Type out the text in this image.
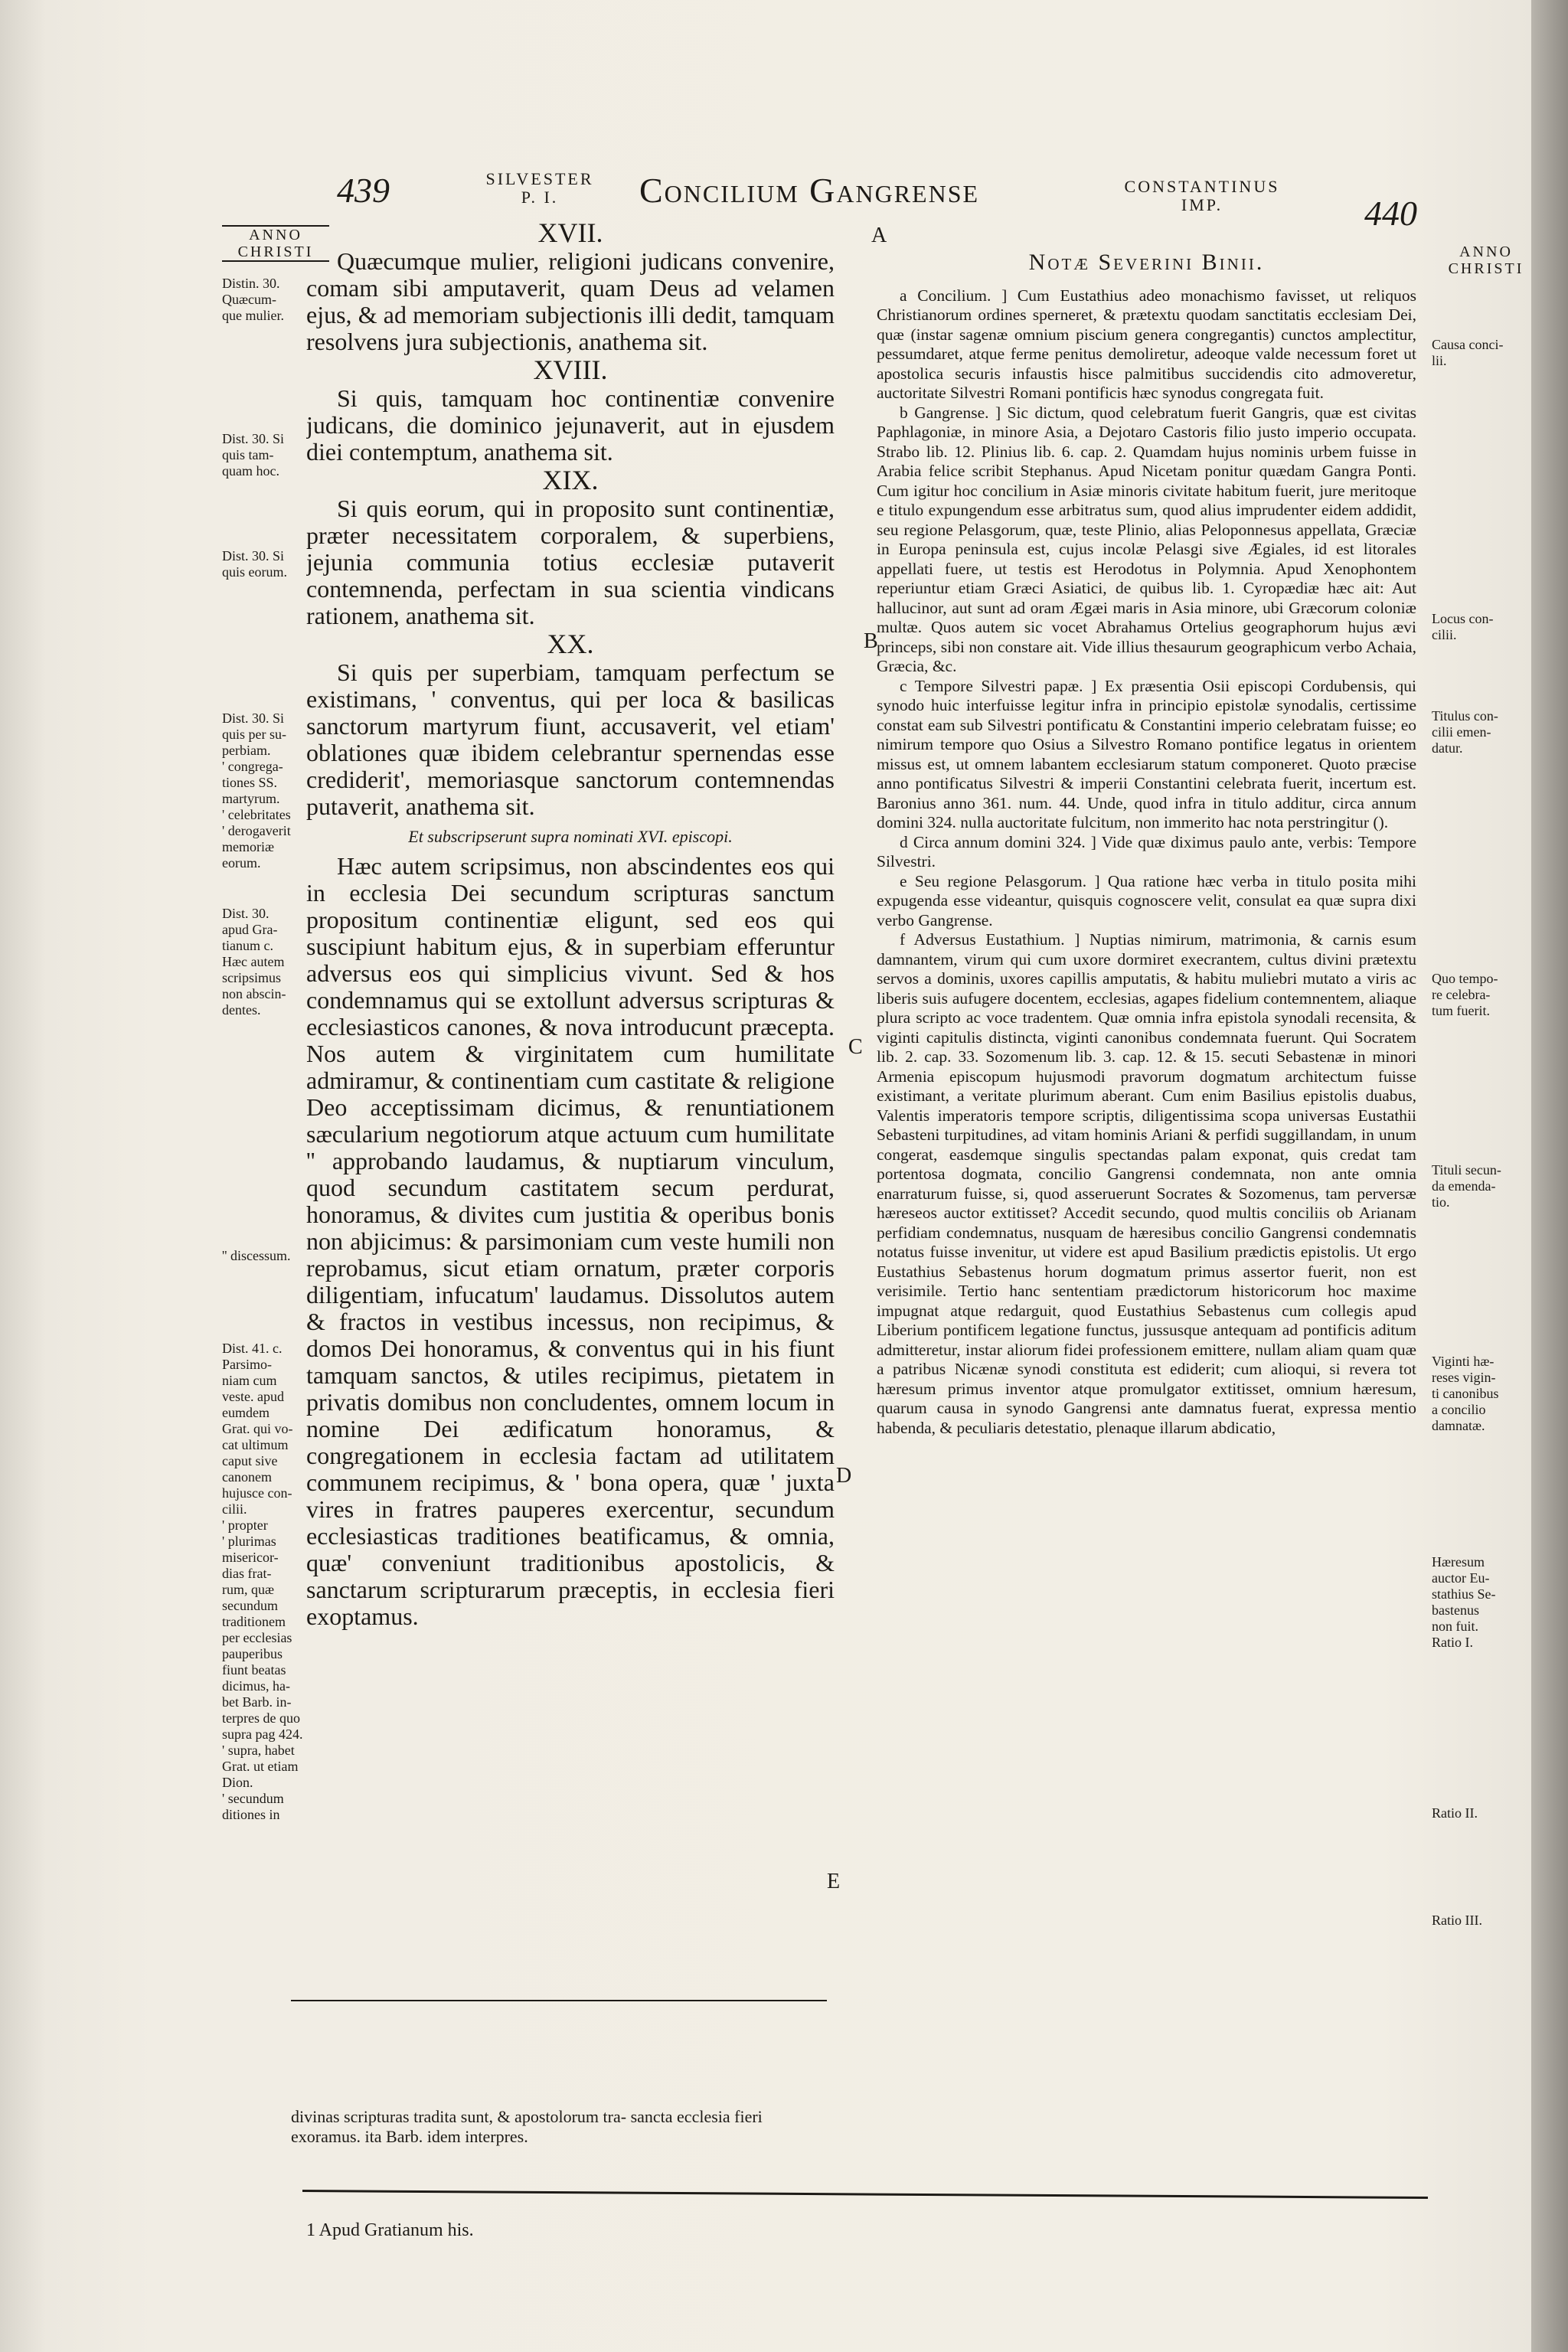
439	SILVESTER
P. I.	Concilium Gangrense	CONSTANTINUS
IMP.	440
ANNO
CHRISTI	ANNO
CHRISTI

Distin. 30.
Quæcum-
que mulier.

Dist. 30. Si
quis tam-
quam hoc.

Dist. 30. Si
quis eorum.

Dist. 30. Si
quis per su-
perbiam.
' congrega-
tiones SS.
martyrum.
' celebritates
' derogaverit
memoriæ
eorum.

Dist. 30.
apud Gra-
tianum c.
Hæc autem
scripsimus
non abscin-
dentes.

'' discessum.

Dist. 41. c.
Parsimo-
niam cum
veste. apud
eumdem
Grat. qui vo-
cat ultimum
caput sive
canonem
hujusce con-
cilii.
' propter
' plurimas
misericor-
dias frat-
rum, quæ
secundum
traditionem
per ecclesias
pauperibus
fiunt beatas
dicimus, ha-
bet Barb. in-
terpres de quo
supra pag 424.
' supra, habet
Grat. ut etiam
Dion.
' secundum
ditiones in

XVII.

Quæcumque mulier, religioni judicans convenire, comam sibi amputaverit, quam Deus ad velamen ejus, & ad memoriam subjectionis illi dedit, tamquam resolvens jura subjectionis, anathema sit.

XVIII.

Si quis, tamquam hoc continentiæ convenire judicans, die dominico jejunaverit, aut in ejusdem diei contemptum, anathema sit.

XIX.

Si quis eorum, qui in proposito sunt continentiæ, præter necessitatem corporalem, & superbiens, jejunia communia totius ecclesiæ putaverit contemnenda, perfectam in sua scientia vindicans rationem, anathema sit.

XX.

Si quis per superbiam, tamquam perfectum se existimans, ' conventus, qui per loca & basilicas sanctorum martyrum fiunt, accusaverit, vel etiam' oblationes quæ ibidem celebrantur spernendas esse crediderit', memoriasque sanctorum contemnendas putaverit, anathema sit.

Et subscripserunt supra nominati XVI. episcopi.

Hæc autem scripsimus, non abscindentes eos qui in ecclesia Dei secundum scripturas sanctum propositum continentiæ eligunt, sed eos qui suscipiunt habitum ejus, & in superbiam efferuntur adversus eos qui simplicius vivunt. Sed & hos condemnamus qui se extollunt adversus scripturas & ecclesiasticos canones, & nova introducunt præcepta. Nos autem & virginitatem cum humilitate admiramur, & continentiam cum castitate & religione Deo acceptissimam dicimus, & renuntiationem sæcularium negotiorum atque actuum cum humilitate '' approbando laudamus, & nuptiarum vinculum, quod secundum castitatem secum perdurat, honoramus, & divites cum justitia & operibus bonis non abjicimus: & parsimoniam cum veste humili non reprobamus, sicut etiam ornatum, præter corporis diligentiam, infucatum' laudamus. Dissolutos autem & fractos in vestibus incessus, non recipimus, & domos Dei honoramus, & conventus qui in his fiunt tamquam sanctos, & utiles recipimus, pietatem in privatis domibus non concludentes, omnem locum in nomine Dei ædificatum honoramus, & congregationem in ecclesia factam ad utilitatem communem recipimus, & ' bona opera, quæ ' juxta vires in fratres pauperes exercentur, secundum ecclesiasticas traditiones beatificamus, & omnia, quæ' conveniunt traditionibus apostolicis, & sanctarum scripturarum præceptis, in ecclesia fieri exoptamus.

divinas scripturas tradita sunt, & apostolorum tra- sancta ecclesia fieri exoramus. ita Barb. idem interpres.
A
B
C
D
E
Notæ Severini Binii.

a Concilium. ] Cum Eustathius adeo monachismo favisset, ut reliquos Christianorum ordines sperneret, & prætextu quodam sanctitatis ecclesiam Dei, quæ (instar sagenæ omnium piscium genera congregantis) cunctos amplectitur, pessumdaret, atque ferme penitus demoliretur, adeoque valde necessum foret ut apostolica securis infaustis hisce palmitibus succidendis cito admoveretur, auctoritate Silvestri Romani pontificis hæc synodus congregata fuit.

b Gangrense. ] Sic dictum, quod celebratum fuerit Gangris, quæ est civitas Paphlagoniæ, in minore Asia, a Dejotaro Castoris filio justo imperio occupata. Strabo lib. 12. Plinius lib. 6. cap. 2. Quamdam hujus nominis urbem fuisse in Arabia felice scribit Stephanus. Apud Nicetam ponitur quædam Gangra Ponti. Cum igitur hoc concilium in Asiæ minoris civitate habitum fuerit, jure meritoque e titulo expungendum esse arbitratus sum, quod alius imprudenter eidem addidit, seu regione Pelasgorum, quæ, teste Plinio, alias Peloponnesus appellata, Græciæ in Europa peninsula est, cujus incolæ Pelasgi sive Ægiales, id est litorales appellati fuere, ut testis est Herodotus in Polymnia. Apud Xenophontem reperiuntur etiam Græci Asiatici, de quibus lib. 1. Cyropædiæ hæc ait: Aut hallucinor, aut sunt ad oram Ægæi maris in Asia minore, ubi Græcorum coloniæ multæ. Quos autem sic vocet Abrahamus Ortelius geographorum hujus ævi princeps, sibi non constare ait. Vide illius thesaurum geographicum verbo Achaia, Græcia, &c.

c Tempore Silvestri papæ. ] Ex præsentia Osii episcopi Cordubensis, qui synodo huic interfuisse legitur infra in principio epistolæ synodalis, certissime constat eam sub Silvestri pontificatu & Constantini imperio celebratam fuisse; eo nimirum tempore quo Osius a Silvestro Romano pontifice legatus in orientem missus est, ut omnem labantem ecclesiarum statum componeret. Quoto præcise anno pontificatus Silvestri & imperii Constantini celebrata fuerit, incertum est. Baronius anno 361. num. 44. Unde, quod infra in titulo additur, circa annum domini 324. nulla auctoritate fulcitum, non immerito hac nota perstringitur ().

d Circa annum domini 324. ] Vide quæ diximus paulo ante, verbis: Tempore Silvestri.

e Seu regione Pelasgorum. ] Qua ratione hæc verba in titulo posita mihi expugenda esse videantur, quisquis cognoscere velit, consulat ea quæ supra dixi verbo Gangrense.

f Adversus Eustathium. ] Nuptias nimirum, matrimonia, & carnis esum damnantem, virum qui cum uxore dormiret execrantem, cultus divini prætextu servos a dominis, uxores capillis amputatis, & habitu muliebri mutato a viris ac liberis suis aufugere docentem, ecclesias, agapes fidelium contemnentem, aliaque plura scripto ac voce tradentem. Quæ omnia infra epistola synodali recensita, & viginti capitulis distincta, viginti canonibus condemnata fuerunt. Qui Socratem lib. 2. cap. 33. Sozomenum lib. 3. cap. 12. & 15. secuti Sebastenæ in minori Armenia episcopum hujusmodi pravorum dogmatum architectum fuisse existimant, a veritate plurimum aberant. Cum enim Basilius epistolis duabus, Valentis imperatoris tempore scriptis, diligentissima scopa universas Eustathii Sebasteni turpitudines, ad vitam hominis Ariani & perfidi suggillandam, in unum congerat, easdemque singulis spectandas palam exponat, quis credat tam portentosa dogmata, concilio Gangrensi condemnata, non ante omnia enarraturum fuisse, si, quod asseruerunt Socrates & Sozomenus, tam perversæ hæreseos auctor extitisset? Accedit secundo, quod multis conciliis ob Arianam perfidiam condemnatus, nusquam de hæresibus concilio Gangrensi condemnatis notatus fuisse invenitur, ut videre est apud Basilium prædictis epistolis. Ut ergo Eustathius Sebastenus horum dogmatum primus assertor fuerit, non est verisimile. Tertio hanc sententiam prædictorum historicorum hoc maxime impugnat atque redarguit, quod Eustathius Sebastenus cum collegis apud Liberium pontificem legatione functus, jussusque antequam ad pontificis aditum admitteretur, instar aliorum fidei professionem emittere, nullam aliam quam quæ a patribus Nicænæ synodi constituta est ediderit; cum alioqui, si revera tot hæresum primus inventor atque promulgator extitisset, omnium hæresum, quarum causa in synodo Gangrensi ante damnatus fuerat, expressa mentio habenda, & peculiaris detestatio, plenaque illarum abdicatio,

Causa conci-
lii.
Locus con-
cilii.
Titulus con-
cilii emen-
datur.
Quo tempo-
re celebra-
tum fuerit.
Tituli secun-
da emenda-
tio.
Viginti hæ-
reses vigin-
ti canonibus
a concilio
damnatæ.
Hæresum
auctor Eu-
stathius Se-
bastenus
non fuit.
Ratio I.
Ratio II.
Ratio III.
1 Apud Gratianum his.
